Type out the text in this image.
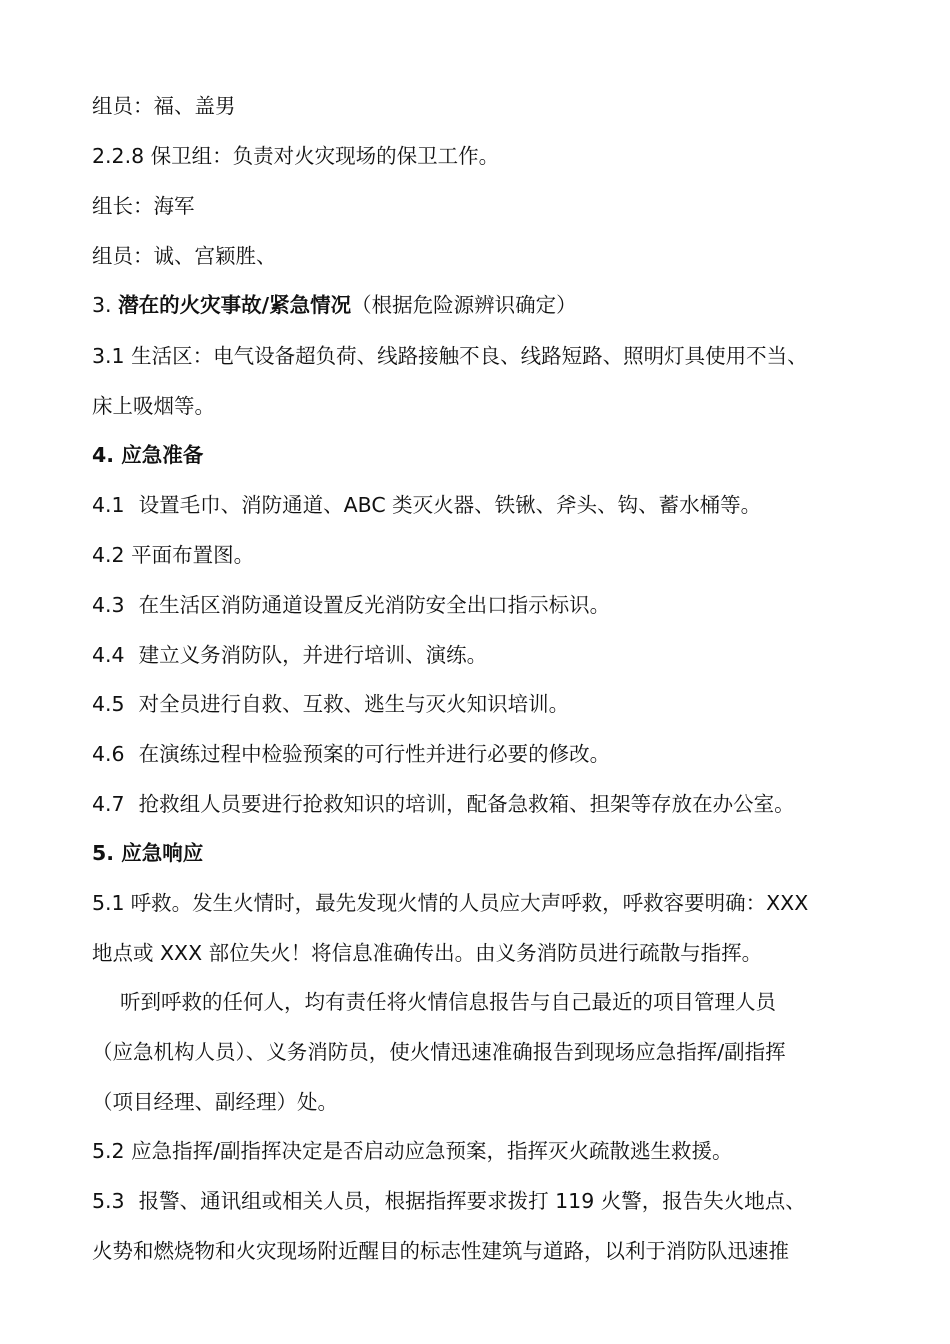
组员：福、盖男
2.2.8 保卫组：负责对火灾现场的保卫工作。
组长：海军
组员：诚、宫颖胜、
3. 潜在的火灾事故/紧急情况（根据危险源辨识确定）
3.1 生活区：电气设备超负荷、线路接触不良、线路短路、照明灯具使用不当、
床上吸烟等。
4. 应急准备
4.1 设置毛巾、消防通道、ABC 类灭火器、铁锹、斧头、钩、蓄水桶等。
4.2 平面布置图。
4.3 在生活区消防通道设置反光消防安全出口指示标识。
4.4 建立义务消防队，并进行培训、演练。
4.5 对全员进行自救、互救、逃生与灭火知识培训。
4.6 在演练过程中检验预案的可行性并进行必要的修改。
4.7 抢救组人员要进行抢救知识的培训，配备急救箱、担架等存放在办公室。
5. 应急响应
5.1 呼救。发生火情时，最先发现火情的人员应大声呼救，呼救容要明确：XXX
地点或 XXX 部位失火！将信息准确传出。由义务消防员进行疏散与指挥。
听到呼救的任何人，均有责任将火情信息报告与自己最近的项目管理人员
（应急机构人员）、义务消防员，使火情迅速准确报告到现场应急指挥/副指挥
（项目经理、副经理）处。
5.2 应急指挥/副指挥决定是否启动应急预案，指挥灭火疏散逃生救援。
5.3 报警、通讯组或相关人员，根据指挥要求拨打 119 火警，报告失火地点、
火势和燃烧物和火灾现场附近醒目的标志性建筑与道路，以利于消防队迅速推
